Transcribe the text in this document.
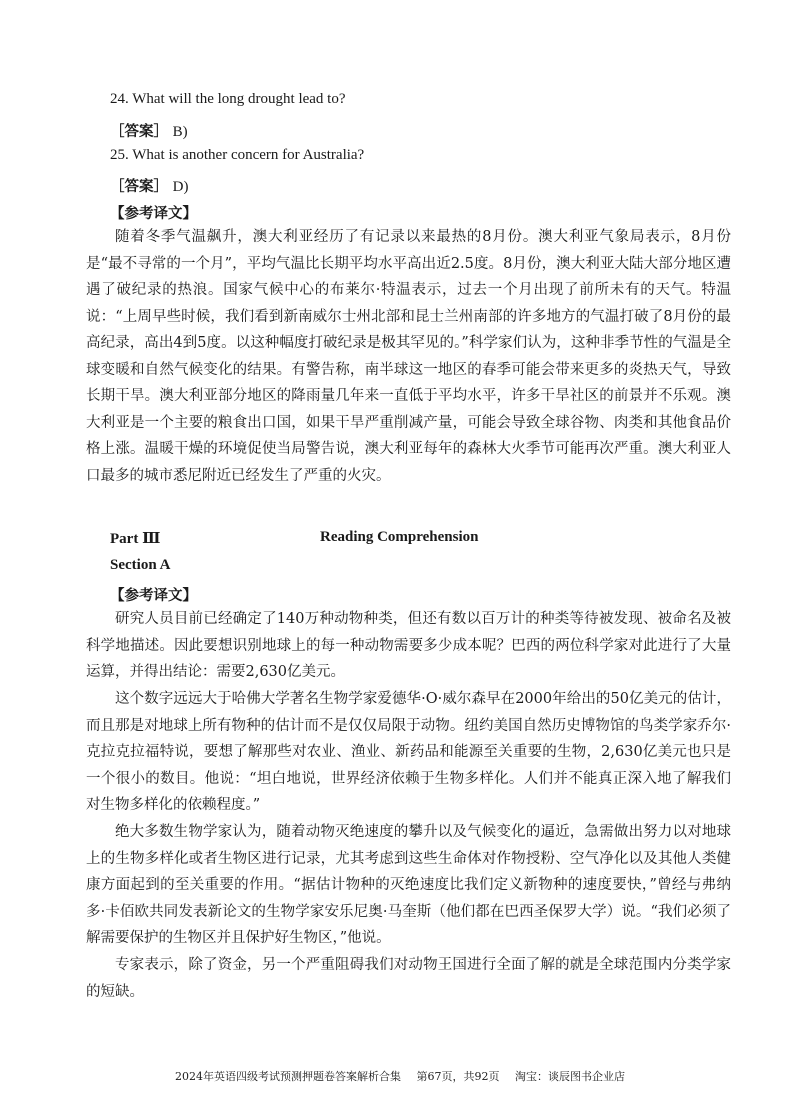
24. What will the long drought lead to?
［答案］ B)
25. What is another concern for Australia?
［答案］ D)
【参考译文】

随着冬季气温飙升，澳大利亚经历了有记录以来最热的8月份。澳大利亚气象局表示，8月份是“最不寻常的一个月”，平均气温比长期平均水平高出近2.5度。8月份，澳大利亚大陆大部分地区遭遇了破纪录的热浪。国家气候中心的布莱尔·特温表示，过去一个月出现了前所未有的天气。特温说：“上周早些时候，我们看到新南威尔士州北部和昆士兰州南部的许多地方的气温打破了8月份的最高纪录，高出4到5度。以这种幅度打破纪录是极其罕见的。”科学家们认为，这种非季节性的气温是全球变暖和自然气候变化的结果。有警告称，南半球这一地区的春季可能会带来更多的炎热天气，导致长期干旱。澳大利亚部分地区的降雨量几年来一直低于平均水平，许多干旱社区的前景并不乐观。澳大利亚是一个主要的粮食出口国，如果干旱严重削减产量，可能会导致全球谷物、肉类和其他食品价格上涨。温暖干燥的环境促使当局警告说，澳大利亚每年的森林大火季节可能再次严重。澳大利亚人口最多的城市悉尼附近已经发生了严重的火灾。

Part Ⅲ	Reading Comprehension
Section A
【参考译文】

研究人员目前已经确定了140万种动物种类，但还有数以百万计的种类等待被发现、被命名及被科学地描述。因此要想识别地球上的每一种动物需要多少成本呢？巴西的两位科学家对此进行了大量运算，并得出结论：需要2,630亿美元。

这个数字远远大于哈佛大学著名生物学家爱德华·O·威尔森早在2000年给出的50亿美元的估计，而且那是对地球上所有物种的估计而不是仅仅局限于动物。纽约美国自然历史博物馆的鸟类学家乔尔·克拉克拉福特说，要想了解那些对农业、渔业、新药品和能源至关重要的生物，2,630亿美元也只是一个很小的数目。他说：“坦白地说，世界经济依赖于生物多样化。人们并不能真正深入地了解我们对生物多样化的依赖程度。”

绝大多数生物学家认为，随着动物灭绝速度的攀升以及气候变化的逼近，急需做出努力以对地球上的生物多样化或者生物区进行记录，尤其考虑到这些生命体对作物授粉、空气净化以及其他人类健康方面起到的至关重要的作用。“据估计物种的灭绝速度比我们定义新物种的速度要快，”曾经与弗纳多·卡佰欧共同发表新论文的生物学家安乐尼奥·马奎斯（他们都在巴西圣保罗大学）说。“我们必须了解需要保护的生物区并且保护好生物区，”他说。

专家表示，除了资金，另一个严重阻碍我们对动物王国进行全面了解的就是全球范围内分类学家的短缺。

2024年英语四级考试预测押题卷答案解析合集 第67页，共92页 淘宝：谈辰图书企业店
